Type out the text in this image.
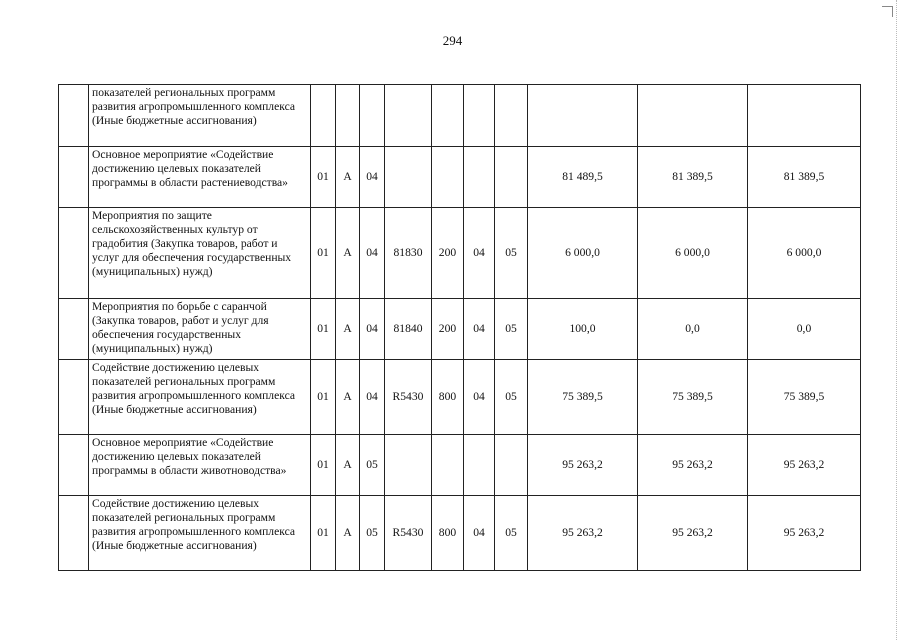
294
	показателей региональных программ развития агропромышленного комплекса (Иные бюджетные ассигнования)										
	Основное мероприятие «Содействие достижению целевых показателей программы в области растениеводства»	01	А	04					81 489,5	81 389,5	81 389,5
	Мероприятия по защите сельскохозяйственных культур от градобития (Закупка товаров, работ и услуг для обеспечения государственных (муниципальных) нужд)	01	А	04	81830	200	04	05	6 000,0	6 000,0	6 000,0
	Мероприятия по борьбе с саранчой (Закупка товаров, работ и услуг для обеспечения государственных (муниципальных) нужд)	01	А	04	81840	200	04	05	100,0	0,0	0,0
	Содействие достижению целевых показателей региональных программ развития агропромышленного комплекса (Иные бюджетные ассигнования)	01	А	04	R5430	800	04	05	75 389,5	75 389,5	75 389,5
	Основное мероприятие «Содействие достижению целевых показателей программы в области животноводства»	01	А	05					95 263,2	95 263,2	95 263,2
	Содействие достижению целевых показателей региональных программ развития агропромышленного комплекса (Иные бюджетные ассигнования)	01	А	05	R5430	800	04	05	95 263,2	95 263,2	95 263,2
